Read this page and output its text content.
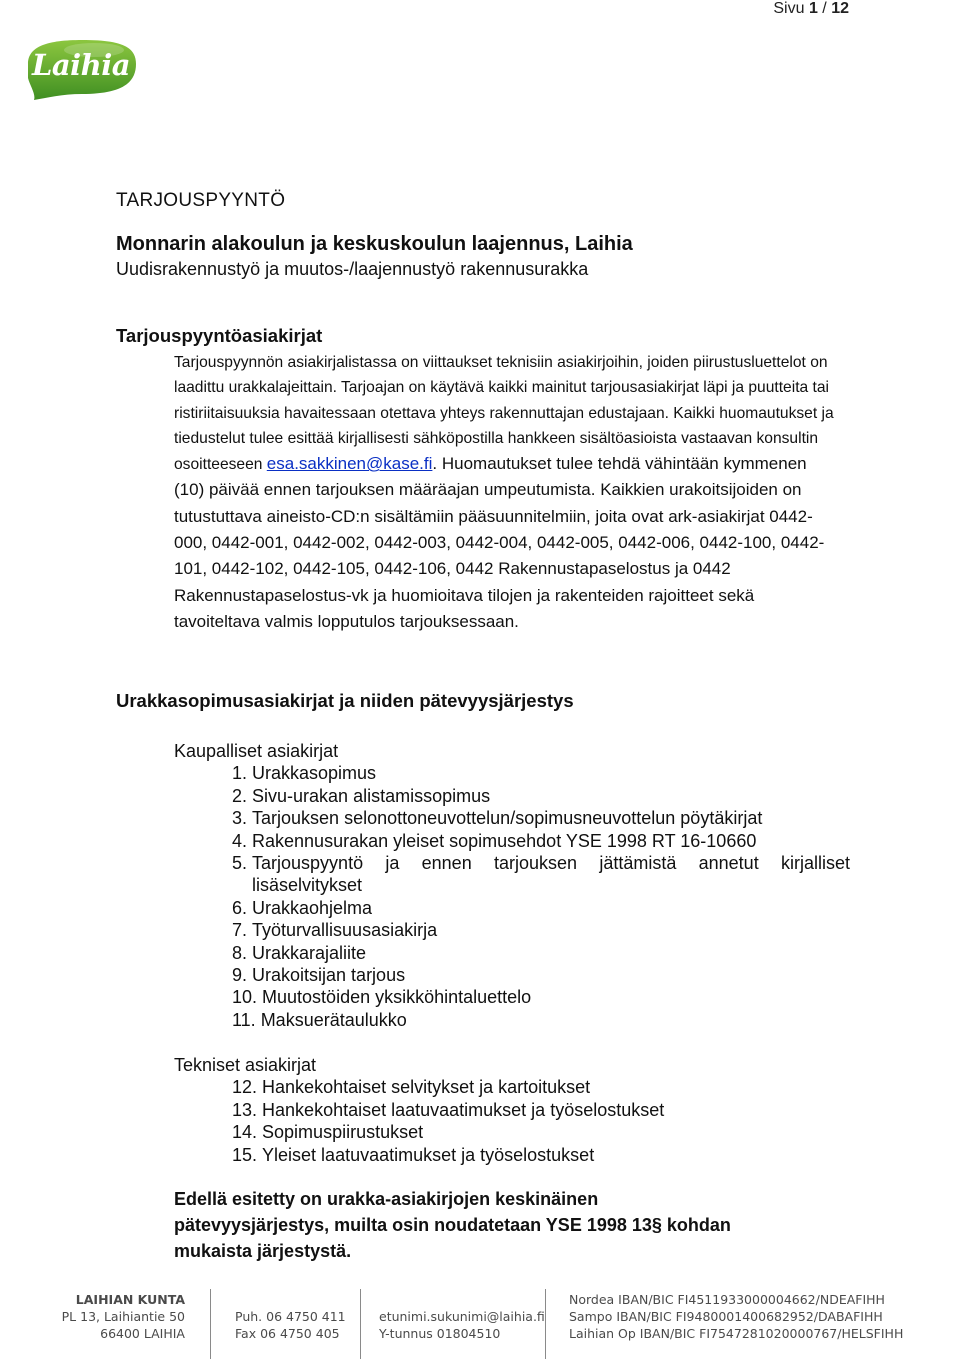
Sivu 1 / 12
Laihia
TARJOUSPYYNTÖ
Monnarin alakoulun ja keskuskoulun laajennus, Laihia
Uudisrakennustyö ja muutos-/laajennustyö rakennusurakka
Tarjouspyyntöasiakirjat
Tarjouspyynnön asiakirjalistassa on viittaukset teknisiin asiakirjoihin, joiden piirustusluettelot on laadittu urakkalajeittain. Tarjoajan on käytävä kaikki mainitut tarjousasiakirjat läpi ja puutteita tai ristiriitaisuuksia havaitessaan otettava yhteys rakennuttajan edustajaan. Kaikki huomautukset ja tiedustelut tulee esittää kirjallisesti sähköpostilla hankkeen sisältöasioista vastaavan konsultin osoitteeseen esa.sakkinen@kase.fi. Huomautukset tulee tehdä vähintään kymmenen (10) päivää ennen tarjouksen määräajan umpeutumista. Kaikkien urakoitsijoiden on tutustuttava aineisto-CD:n sisältämiin pääsuunnitelmiin, joita ovat ark-asiakirjat 0442-000, 0442-001, 0442-002, 0442-003, 0442-004, 0442-005, 0442-006, 0442-100, 0442-101, 0442-102, 0442-105, 0442-106, 0442 Rakennustapaselostus ja 0442 Rakennustapaselostus-vk ja huomioitava tilojen ja rakenteiden rajoitteet sekä tavoiteltava valmis lopputulos tarjouksessaan.
Urakkasopimusasiakirjat ja niiden pätevyysjärjestys
Kaupalliset asiakirjat
1. Urakkasopimus
2. Sivu-urakan alistamissopimus
3. Tarjouksen selonottoneuvottelun/sopimusneuvottelun pöytäkirjat
4. Rakennusurakan yleiset sopimusehdot YSE 1998 RT 16-10660
5. Tarjouspyyntö ja ennen tarjouksen jättämistä annetut kirjalliset lisäselvitykset
6. Urakkaohjelma
7. Työturvallisuusasiakirja
8. Urakkarajaliite
9. Urakoitsijan tarjous
10. Muutostöiden yksikköhintaluettelo
11. Maksuerätaulukko
Tekniset asiakirjat
12. Hankekohtaiset selvitykset ja kartoitukset
13. Hankekohtaiset laatuvaatimukset ja työselostukset
14. Sopimuspiirustukset
15. Yleiset laatuvaatimukset ja työselostukset
Edellä esitetty on urakka-asiakirjojen keskinäinen pätevyysjärjestys, muilta osin noudatetaan YSE 1998 13§ kohdan mukaista järjestystä.
LAIHIAN KUNTA
PL 13, Laihiantie 50
66400 LAIHIA
Puh. 06 4750 411
Fax 06 4750 405
etunimi.sukunimi@laihia.fi
Y-tunnus 01804510
Nordea IBAN/BIC FI4511933000004662/NDEAFIHH
Sampo IBAN/BIC FI9480001400682952/DABAFIHH
Laihian Op IBAN/BIC FI7547281020000767/HELSFIHH
